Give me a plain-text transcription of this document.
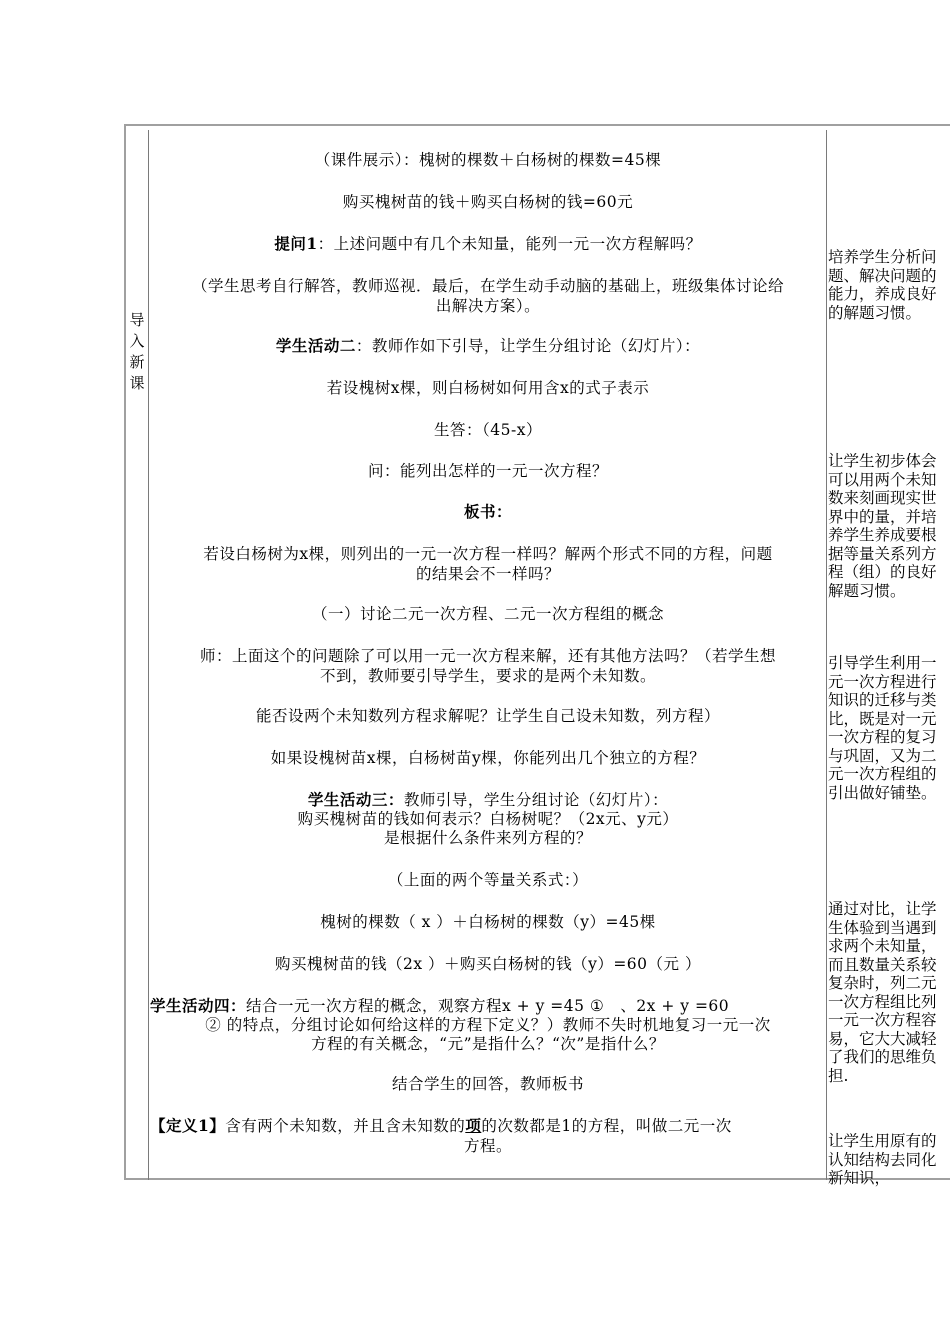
导
入
新
课
（课件展示）：槐树的棵数＋白杨树的棵数=45棵
购买槐树苗的钱＋购买白杨树的钱=60元
提问1：上述问题中有几个未知量，能列一元一次方程解吗？
（学生思考自行解答，教师巡视．最后，在学生动手动脑的基础上，班级集体讨论给
出解决方案）。
学生活动二：教师作如下引导，让学生分组讨论（幻灯片）：
若设槐树x棵，则白杨树如何用含x的式子表示
生答：（45-x）
问：能列出怎样的一元一次方程？
板书：
若设白杨树为x棵，则列出的一元一次方程一样吗？解两个形式不同的方程，问题
的结果会不一样吗？
（一）讨论二元一次方程、二元一次方程组的概念
师：上面这个的问题除了可以用一元一次方程来解，还有其他方法吗？（若学生想
不到，教师要引导学生，要求的是两个未知数。
能否设两个未知数列方程求解呢？让学生自己设未知数，列方程）
如果设槐树苗x棵，白杨树苗y棵，你能列出几个独立的方程？
学生活动三：教师引导，学生分组讨论（幻灯片）：
购买槐树苗的钱如何表示？白杨树呢？（2x元、y元）
是根据什么条件来列方程的？
（上面的两个等量关系式：）
槐树的棵数（ x ）＋白杨树的棵数（y）=45棵
购买槐树苗的钱（2x ）＋购买白杨树的钱（y）=60（元 ）
学生活动四：结合一元一次方程的概念，观察方程x + y =45 ①　、2x + y =60
② 的特点，分组讨论如何给这样的方程下定义？）教师不失时机地复习一元一次
方程的有关概念，“元”是指什么？“次”是指什么？
结合学生的回答，教师板书
【定义1】含有两个未知数，并且含未知数的项的次数都是1的方程，叫做二元一次
方程。
培养学生分析问题、解决问题的能力，养成良好的解题习惯。
让学生初步体会可以用两个未知数来刻画现实世界中的量，并培养学生养成要根据等量关系列方程（组）的良好解题习惯。
引导学生利用一元一次方程进行知识的迁移与类比，既是对一元一次方程的复习与巩固，又为二元一次方程组的引出做好铺垫。
通过对比，让学生体验到当遇到求两个未知量，而且数量关系较复杂时，列二元一次方程组比列一元一次方程容易，它大大减轻了我们的思维负担.
让学生用原有的认知结构去同化新知识，
